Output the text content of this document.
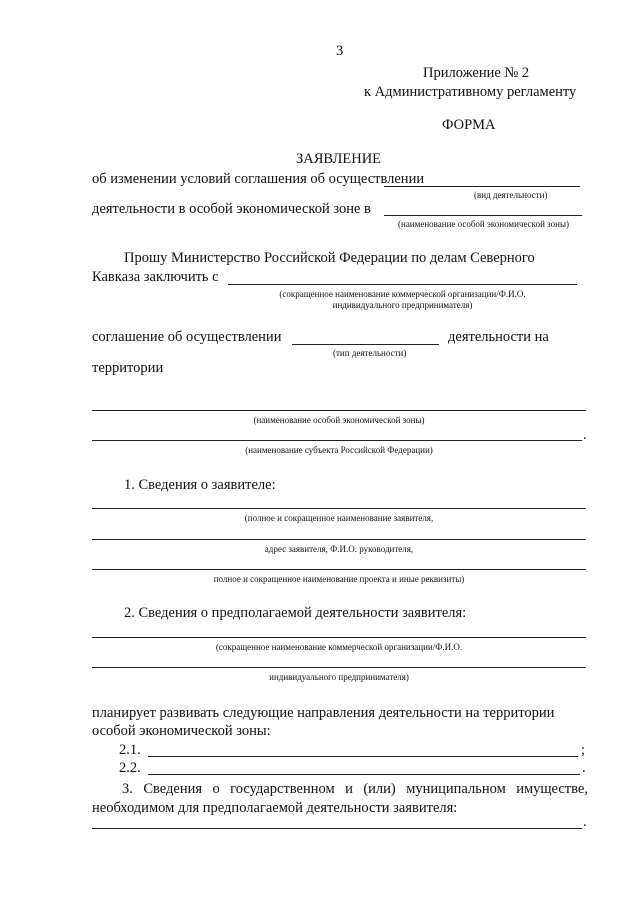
3
Приложение № 2
к Административному регламенту
ФОРМА
ЗАЯВЛЕНИЕ
об изменении условий соглашения об осуществлении
(вид деятельности)
деятельности в особой экономической зоне в
(наименование особой экономической зоны)
Прошу Министерство Российской Федерации по делам Северного
Кавказа заключить с
(сокращенное наименование коммерческой организации/Ф.И.О.
индивидуального предпринимателя)
соглашение об осуществлении	деятельности на
(тип деятельности)
территории
(наименование особой экономической зоны)
.
(наименование субъекта Российской Федерации)
1. Сведения о заявителе:
(полное и сокращенное наименование заявителя,
адрес заявителя, Ф.И.О. руководителя,
полное и сокращенное наименование проекта и иные реквизиты)
2. Сведения о предполагаемой деятельности заявителя:
(сокращенное наименование коммерческой организации/Ф.И.О.
индивидуального предпринимателя)
планирует развивать следующие направления деятельности на территории
особой экономической зоны:
2.1.	;
2.2.	.
3. Сведения о государственном и (или) муниципальном имуществе,
необходимом для предполагаемой деятельности заявителя:
.
